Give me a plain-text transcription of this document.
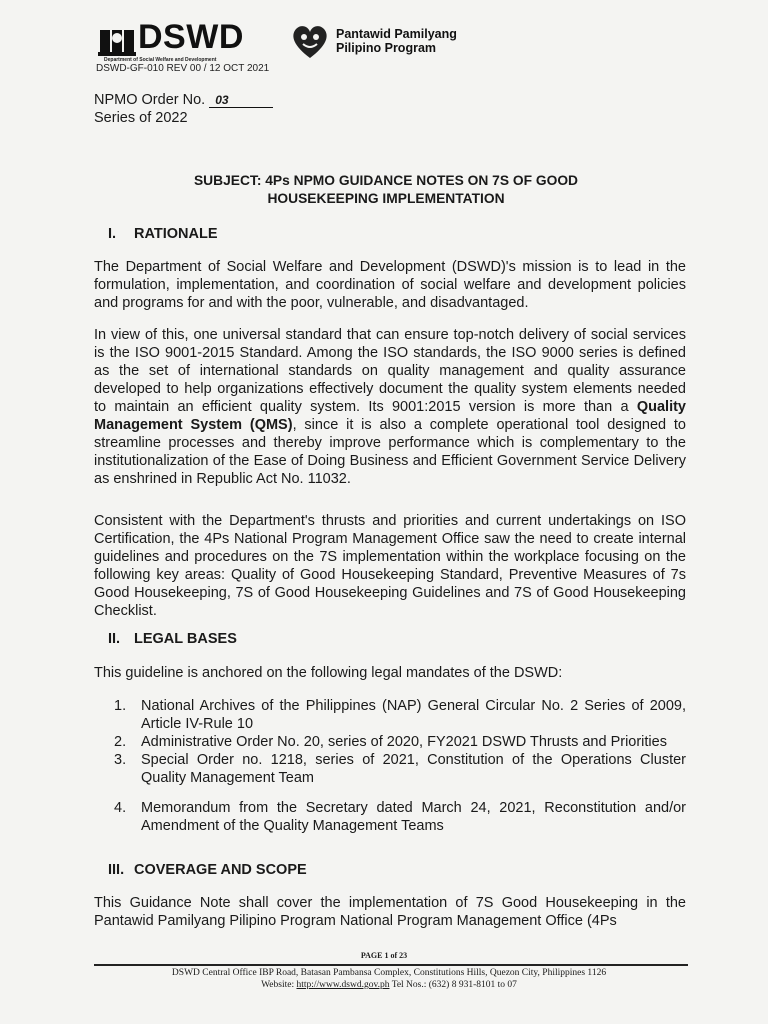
DSWD
Department of Social Welfare and Development
DSWD-GF-010 REV 00 / 12 OCT 2021
Pantawid Pamilyang
Pilipino Program
NPMO Order No. 03
Series of 2022
SUBJECT: 4Ps NPMO GUIDANCE NOTES ON 7S OF GOOD
HOUSEKEEPING IMPLEMENTATION
I. RATIONALE

The Department of Social Welfare and Development (DSWD)'s mission is to lead in the formulation, implementation, and coordination of social welfare and development policies and programs for and with the poor, vulnerable, and disadvantaged.

In view of this, one universal standard that can ensure top-notch delivery of social services is the ISO 9001-2015 Standard. Among the ISO standards, the ISO 9000 series is defined as the set of international standards on quality management and quality assurance developed to help organizations effectively document the quality system elements needed to maintain an efficient quality system. Its 9001:2015 version is more than a Quality Management System (QMS), since it is also a complete operational tool designed to streamline processes and thereby improve performance which is complementary to the institutionalization of the Ease of Doing Business and Efficient Government Service Delivery as enshrined in Republic Act No. 11032.

Consistent with the Department's thrusts and priorities and current undertakings on ISO Certification, the 4Ps National Program Management Office saw the need to create internal guidelines and procedures on the 7S implementation within the workplace focusing on the following key areas: Quality of Good Housekeeping Standard, Preventive Measures of 7s Good Housekeeping, 7S of Good Housekeeping Guidelines and 7S of Good Housekeeping Checklist.

II. LEGAL BASES

This guideline is anchored on the following legal mandates of the DSWD:

1. National Archives of the Philippines (NAP) General Circular No. 2 Series of 2009, Article IV-Rule 10
2. Administrative Order No. 20, series of 2020, FY2021 DSWD Thrusts and Priorities
3. Special Order no. 1218, series of 2021, Constitution of the Operations Cluster Quality Management Team
4. Memorandum from the Secretary dated March 24, 2021, Reconstitution and/or Amendment of the Quality Management Teams
III. COVERAGE AND SCOPE

This Guidance Note shall cover the implementation of 7S Good Housekeeping in the Pantawid Pamilyang Pilipino Program National Program Management Office (4Ps

PAGE 1 of 23
DSWD Central Office IBP Road, Batasan Pambansa Complex, Constitutions Hills, Quezon City, Philippines 1126
Website: http://www.dswd.gov.ph Tel Nos.: (632) 8 931-8101 to 07
